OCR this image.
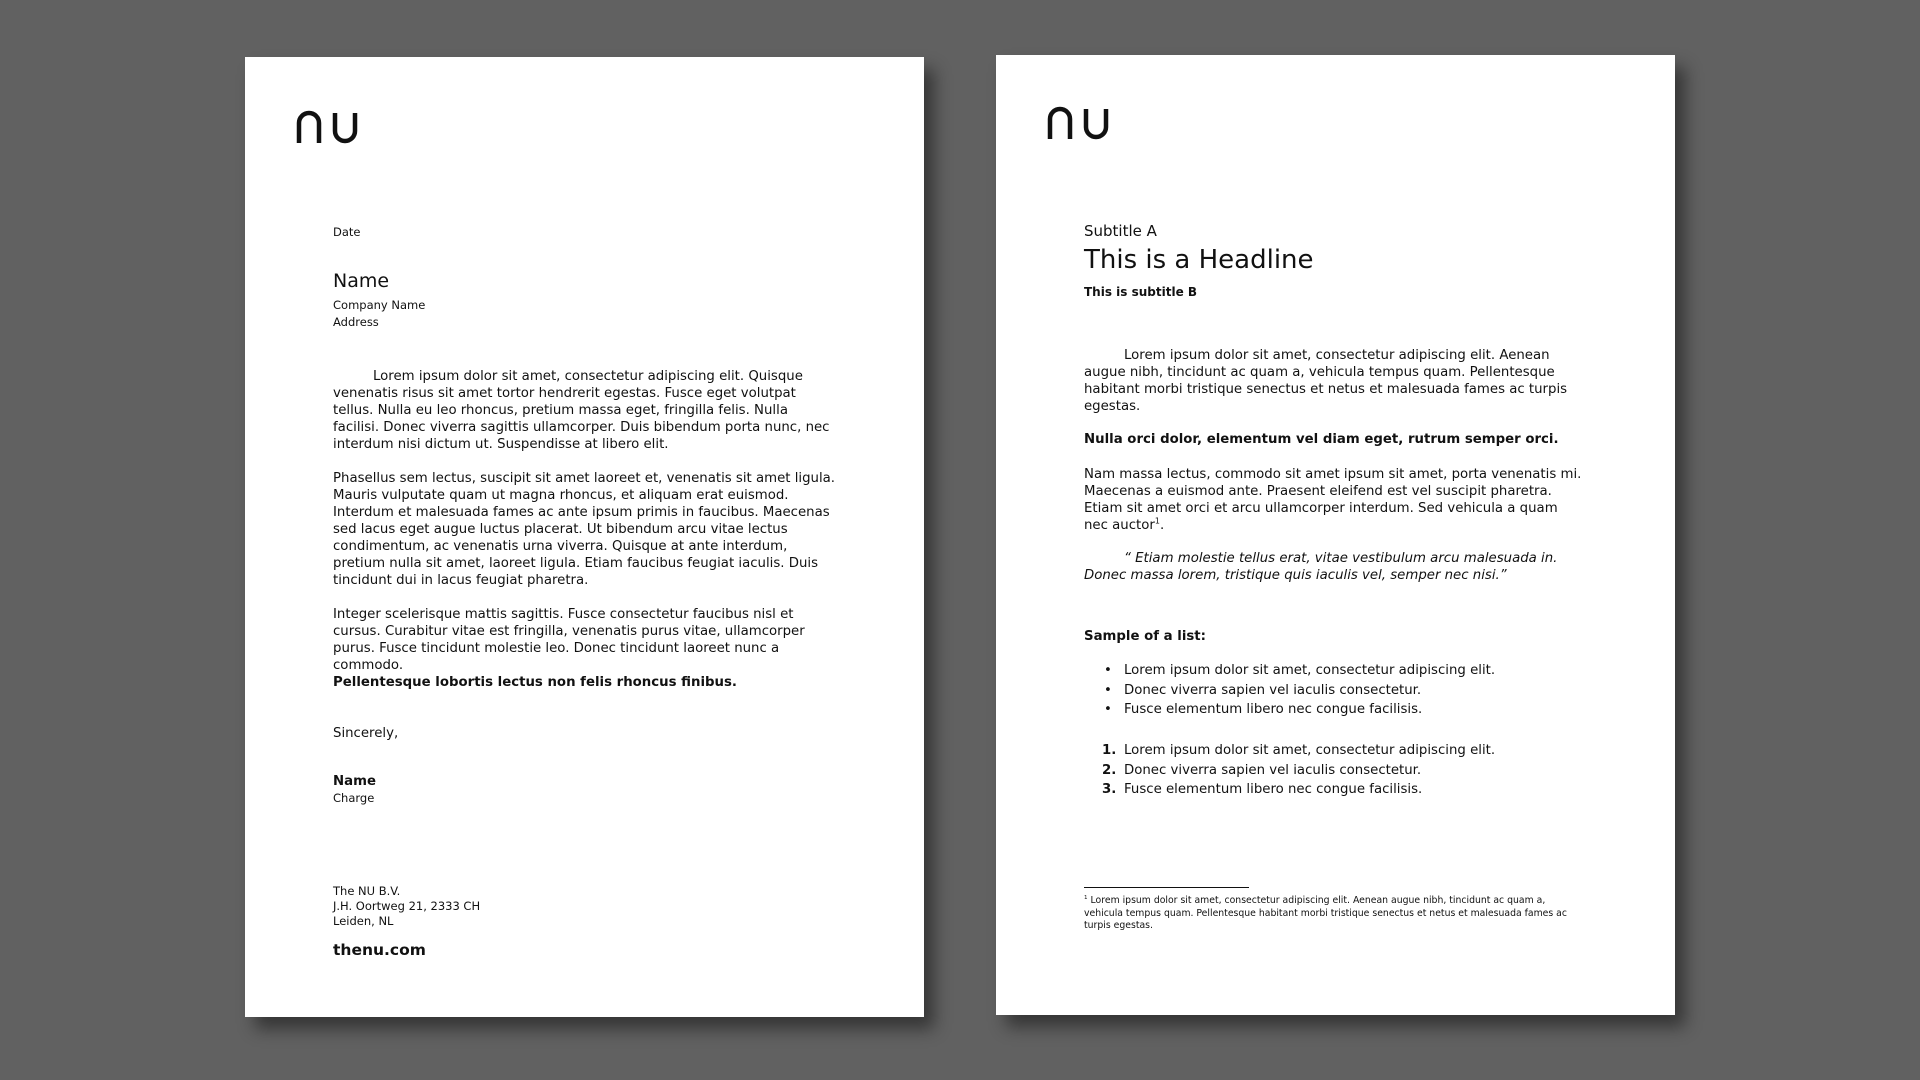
Date
Name
Company Name
Address

Lorem ipsum dolor sit amet, consectetur adipiscing elit. Quisque venenatis risus sit amet tortor hendrerit egestas. Fusce eget volutpat tellus. Nulla eu leo rhoncus, pretium massa eget, fringilla felis. Nulla facilisi. Donec viverra sagittis ullamcorper. Duis bibendum porta nunc, nec interdum nisi dictum ut. Suspendisse at libero elit.

Phasellus sem lectus, suscipit sit amet laoreet et, venenatis sit amet ligula. Mauris vulputate quam ut magna rhoncus, et aliquam erat euismod. Interdum et malesuada fames ac ante ipsum primis in faucibus. Maecenas sed lacus eget augue luctus placerat. Ut bibendum arcu vitae lectus condimentum, ac venenatis urna viverra. Quisque at ante interdum, pretium nulla sit amet, laoreet ligula. Etiam faucibus feugiat iaculis. Duis tincidunt dui in lacus feugiat pharetra.

Integer scelerisque mattis sagittis. Fusce consectetur faucibus nisl et cursus. Curabitur vitae est fringilla, venenatis purus vitae, ullamcorper purus. Fusce tincidunt molestie leo. Donec tincidunt laoreet nunc a commodo.

Pellentesque lobortis lectus non felis rhoncus finibus.
Sincerely,
Name
Charge
The NU B.V.
J.H. Oortweg 21, 2333 CH
Leiden, NL
thenu.com
Subtitle A
This is a Headline
This is subtitle B
Lorem ipsum dolor sit amet, consectetur adipiscing elit. Aenean augue nibh, tincidunt ac quam a, vehicula tempus quam. Pellentesque habitant morbi tristique senectus et netus et malesuada fames ac turpis egestas.
Nulla orci dolor, elementum vel diam eget, rutrum semper orci.
Nam massa lectus, commodo sit amet ipsum sit amet, porta venenatis mi. Maecenas a euismod ante. Praesent eleifend est vel suscipit pharetra. Etiam sit amet orci et arcu ullamcorper interdum. Sed vehicula a quam nec auctor$^1$.
“ Etiam molestie tellus erat, vitae vestibulum arcu malesuada in. Donec massa lorem, tristique quis iaculis vel, semper nec nisi.”
Sample of a list:
• Lorem ipsum dolor sit amet, consectetur adipiscing elit.
• Donec viverra sapien vel iaculis consectetur.
• Fusce elementum libero nec congue facilisis.
1. Lorem ipsum dolor sit amet, consectetur adipiscing elit.
2. Donec viverra sapien vel iaculis consectetur.
3. Fusce elementum libero nec congue facilisis.
$^1$ Lorem ipsum dolor sit amet, consectetur adipiscing elit. Aenean augue nibh, tincidunt ac quam a, vehicula tempus quam. Pellentesque habitant morbi tristique senectus et netus et malesuada fames ac turpis egestas.
